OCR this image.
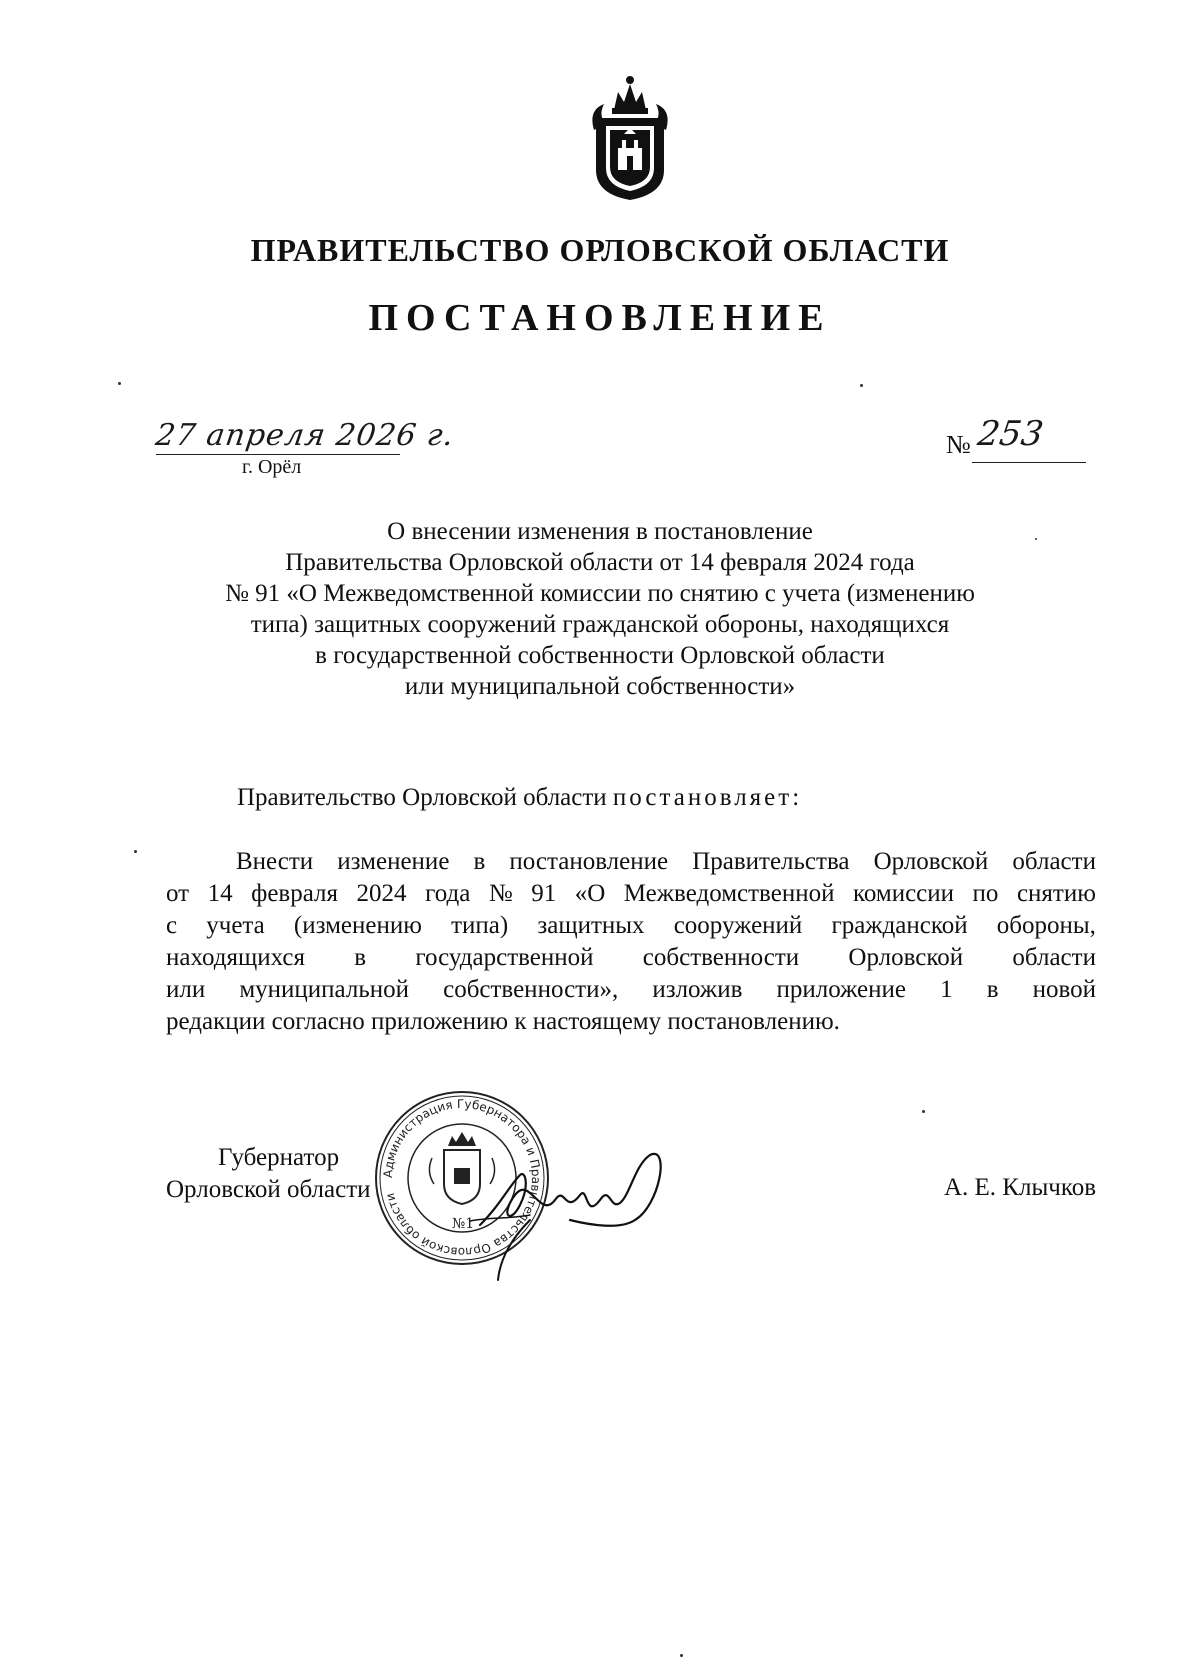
ПРАВИТЕЛЬСТВО ОРЛОВСКОЙ ОБЛАСТИ
ПОСТАНОВЛЕНИЕ
27 апреля 2026 г.
г. Орёл
№ 253
О внесении изменения в постановление
Правительства Орловской области от 14 февраля 2024 года
№ 91 «О Межведомственной комиссии по снятию с учета (изменению
типа) защитных сооружений гражданской обороны, находящихся
в государственной собственности Орловской области
или муниципальной собственности»
Правительство Орловской области постановляет:
Внести изменение в постановление Правительства Орловской области
от 14 февраля 2024 года № 91 «О Межведомственной комиссии по снятию
с учета (изменению типа) защитных сооружений гражданской обороны,
находящихся в государственной собственности Орловской области
или муниципальной собственности», изложив приложение 1 в новой
редакции согласно приложению к настоящему постановлению.
Губернатор
Орловской области
Администрация Губернатора и Правительства Орловской области
№1
А. Е. Клычков
